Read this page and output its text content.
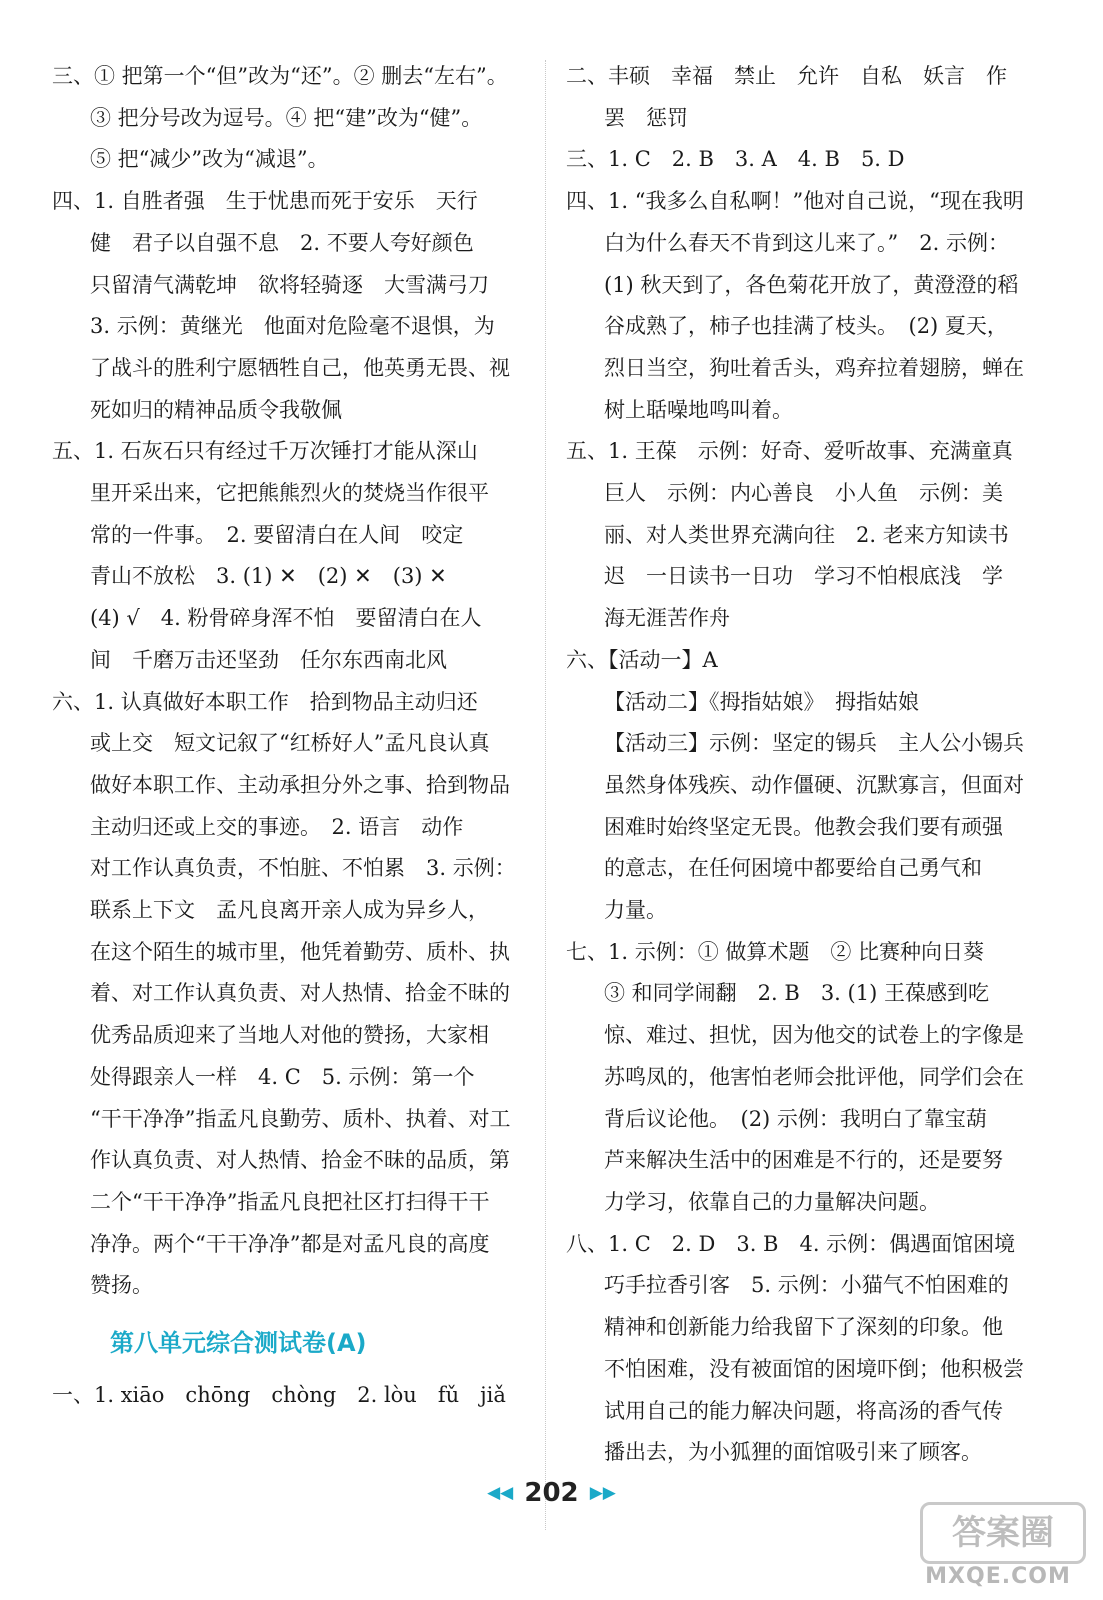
三、① 把第一个“但”改为“还”。② 删去“左右”。
③ 把分号改为逗号。④ 把“建”改为“健”。
⑤ 把“减少”改为“减退”。
四、1. 自胜者强　生于忧患而死于安乐　天行
健　君子以自强不息　2. 不要人夸好颜色
只留清气满乾坤　欲将轻骑逐　大雪满弓刀
3. 示例：黄继光　他面对危险毫不退惧，为
了战斗的胜利宁愿牺牲自己，他英勇无畏、视
死如归的精神品质令我敬佩
五、1. 石灰石只有经过千万次锤打才能从深山
里开采出来，它把熊熊烈火的焚烧当作很平
常的一件事。　2. 要留清白在人间　咬定
青山不放松　3. (1) ✕　(2) ✕　(3) ✕
(4) √　4. 粉骨碎身浑不怕　要留清白在人
间　千磨万击还坚劲　任尔东西南北风
六、1. 认真做好本职工作　拾到物品主动归还
或上交　短文记叙了“红桥好人”孟凡良认真
做好本职工作、主动承担分外之事、拾到物品
主动归还或上交的事迹。　2. 语言　动作
对工作认真负责，不怕脏、不怕累　3. 示例：
联系上下文　孟凡良离开亲人成为异乡人，
在这个陌生的城市里，他凭着勤劳、质朴、执
着、对工作认真负责、对人热情、拾金不昧的
优秀品质迎来了当地人对他的赞扬，大家相
处得跟亲人一样　4. C　5. 示例：第一个
“干干净净”指孟凡良勤劳、质朴、执着、对工
作认真负责、对人热情、拾金不昧的品质，第
二个“干干净净”指孟凡良把社区打扫得干干
净净。两个“干干净净”都是对孟凡良的高度
赞扬。
第八单元综合测试卷(A)
一、1. xiāo　chōng　chòng　2. lòu　fǔ　jiǎ
二、丰硕　幸福　禁止　允许　自私　妖言　作
罢　惩罚
三、1. C　2. B　3. A　4. B　5. D
四、1. “我多么自私啊！”他对自己说，“现在我明
白为什么春天不肯到这儿来了。”　2. 示例：
(1) 秋天到了，各色菊花开放了，黄澄澄的稻
谷成熟了，柿子也挂满了枝头。　(2) 夏天，
烈日当空，狗吐着舌头，鸡弃拉着翅膀，蝉在
树上聒噪地鸣叫着。
五、1. 王葆　示例：好奇、爱听故事、充满童真
巨人　示例：内心善良　小人鱼　示例：美
丽、对人类世界充满向往　2. 老来方知读书
迟　一日读书一日功　学习不怕根底浅　学
海无涯苦作舟
六、【活动一】A
【活动二】《拇指姑娘》　拇指姑娘
【活动三】示例：坚定的锡兵　主人公小锡兵
虽然身体残疾、动作僵硬、沉默寡言，但面对
困难时始终坚定无畏。他教会我们要有顽强
的意志，在任何困境中都要给自己勇气和
力量。
七、1. 示例：① 做算术题　② 比赛种向日葵
③ 和同学闹翻　2. B　3. (1) 王葆感到吃
惊、难过、担忧，因为他交的试卷上的字像是
苏鸣凤的，他害怕老师会批评他，同学们会在
背后议论他。　(2) 示例：我明白了靠宝葫
芦来解决生活中的困难是不行的，还是要努
力学习，依靠自己的力量解决问题。
八、1. C　2. D　3. B　4. 示例：偶遇面馆困境
巧手拉香引客　5. 示例：小猫气不怕困难的
精神和创新能力给我留下了深刻的印象。他
不怕困难，没有被面馆的困境吓倒；他积极尝
试用自己的能力解决问题，将高汤的香气传
播出去，为小狐狸的面馆吸引来了顾客。
◀◀ 202 ▶▶
答案圈
MXQE.COM
